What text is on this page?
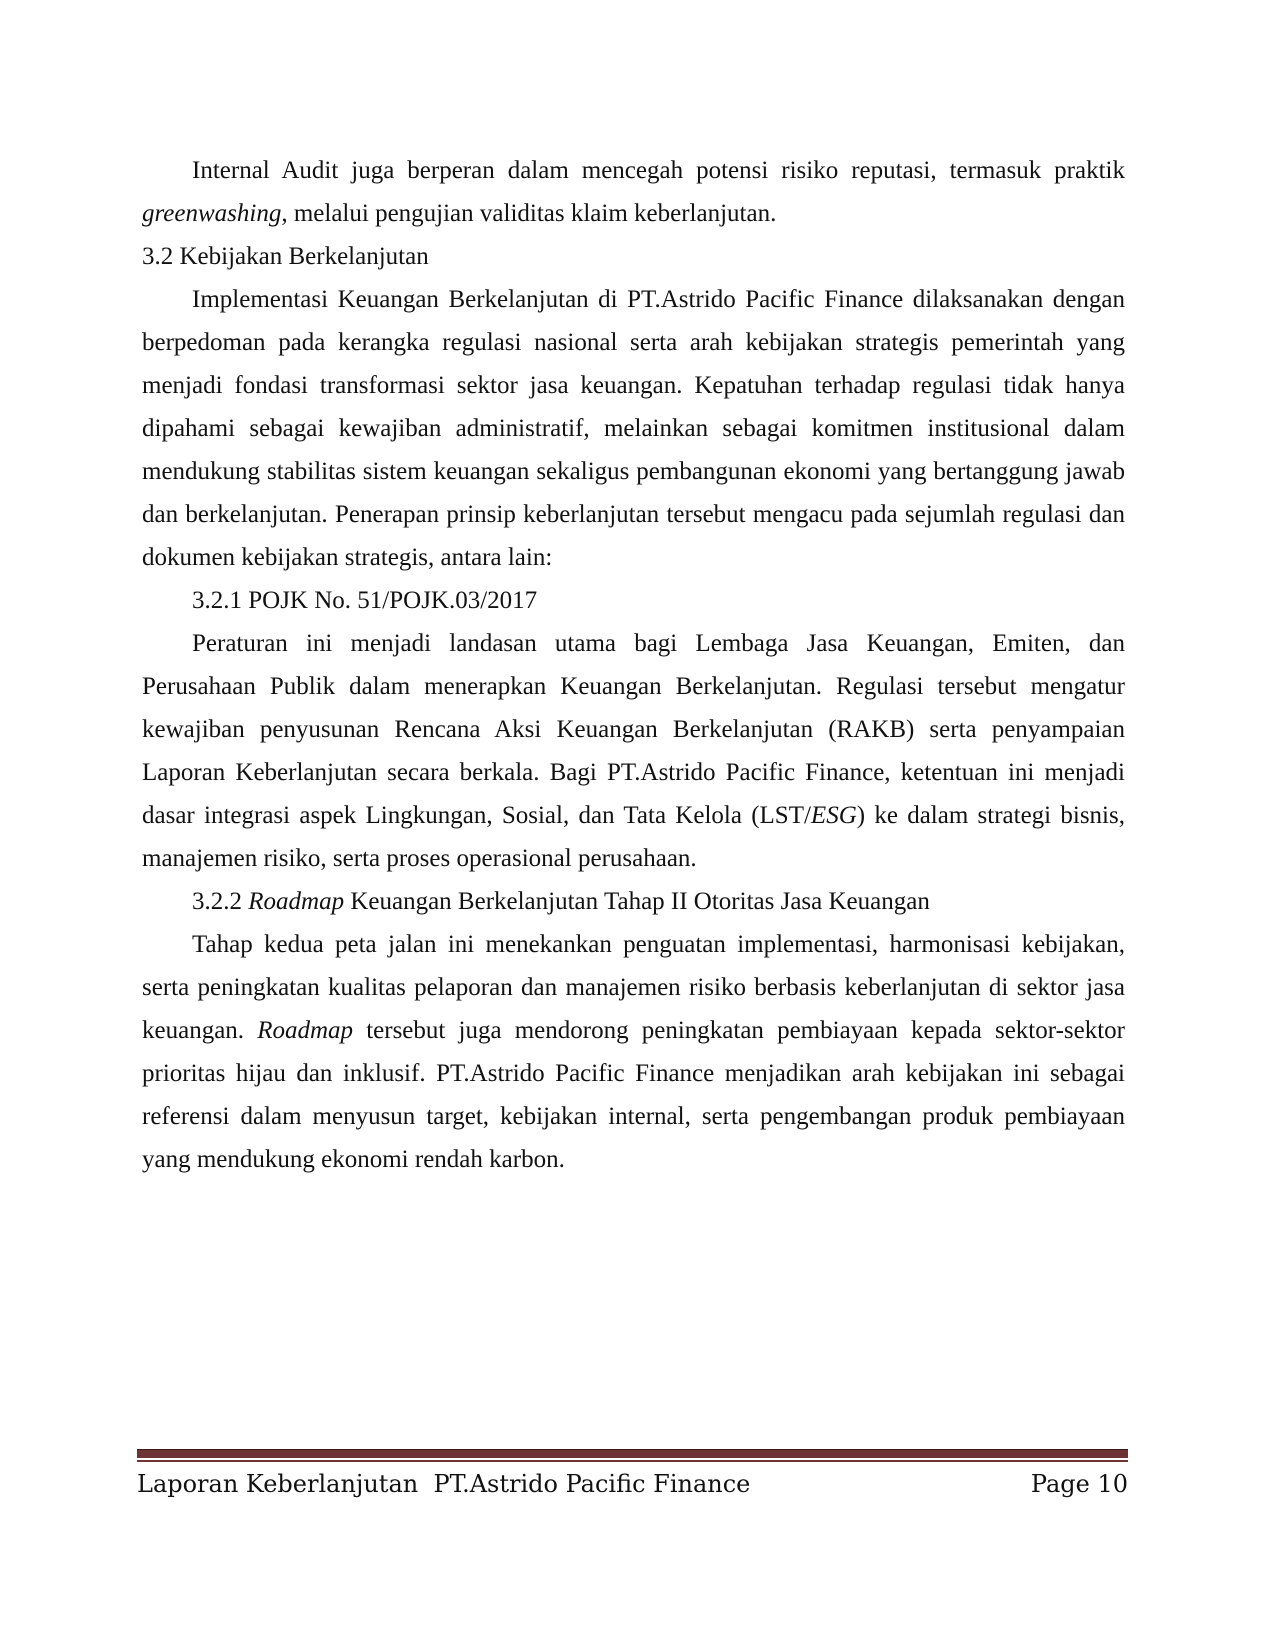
Internal Audit juga berperan dalam mencegah potensi risiko reputasi, termasuk praktik greenwashing, melalui pengujian validitas klaim keberlanjutan.

3.2 Kebijakan Berkelanjutan

Implementasi Keuangan Berkelanjutan di PT.Astrido Pacific Finance dilaksanakan dengan berpedoman pada kerangka regulasi nasional serta arah kebijakan strategis pemerintah yang menjadi fondasi transformasi sektor jasa keuangan. Kepatuhan terhadap regulasi tidak hanya dipahami sebagai kewajiban administratif, melainkan sebagai komitmen institusional dalam mendukung stabilitas sistem keuangan sekaligus pembangunan ekonomi yang bertanggung jawab dan berkelanjutan. Penerapan prinsip keberlanjutan tersebut mengacu pada sejumlah regulasi dan dokumen kebijakan strategis, antara lain:

3.2.1 POJK No. 51/POJK.03/2017

Peraturan ini menjadi landasan utama bagi Lembaga Jasa Keuangan, Emiten, dan Perusahaan Publik dalam menerapkan Keuangan Berkelanjutan. Regulasi tersebut mengatur kewajiban penyusunan Rencana Aksi Keuangan Berkelanjutan (RAKB) serta penyampaian Laporan Keberlanjutan secara berkala. Bagi PT.Astrido Pacific Finance, ketentuan ini menjadi dasar integrasi aspek Lingkungan, Sosial, dan Tata Kelola (LST/ESG) ke dalam strategi bisnis, manajemen risiko, serta proses operasional perusahaan.

3.2.2 Roadmap Keuangan Berkelanjutan Tahap II Otoritas Jasa Keuangan

Tahap kedua peta jalan ini menekankan penguatan implementasi, harmonisasi kebijakan, serta peningkatan kualitas pelaporan dan manajemen risiko berbasis keberlanjutan di sektor jasa keuangan. Roadmap tersebut juga mendorong peningkatan pembiayaan kepada sektor-sektor prioritas hijau dan inklusif. PT.Astrido Pacific Finance menjadikan arah kebijakan ini sebagai referensi dalam menyusun target, kebijakan internal, serta pengembangan produk pembiayaan yang mendukung ekonomi rendah karbon.

Laporan Keberlanjutan  PT.Astrido Pacific Finance	Page 10
